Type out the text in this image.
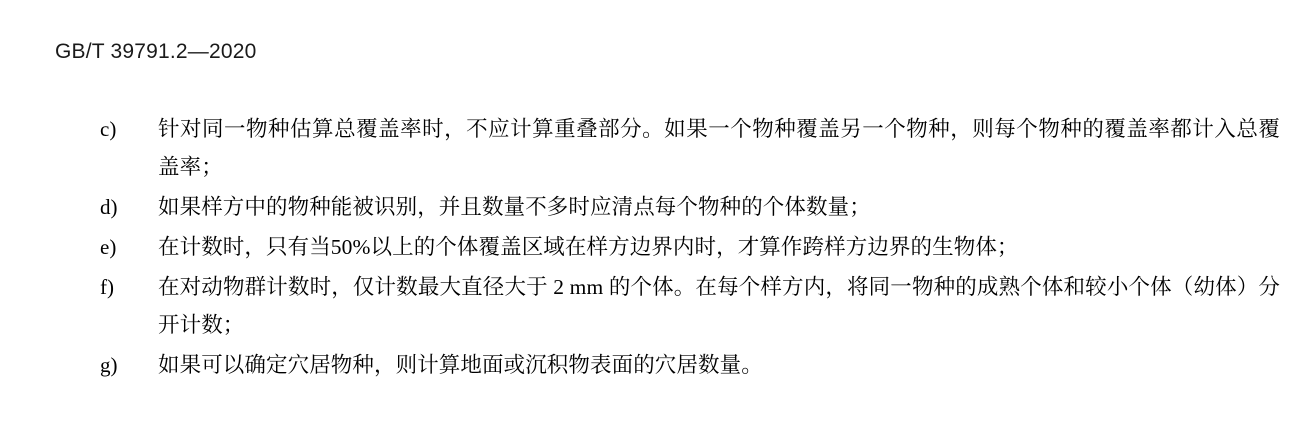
GB/T 39791.2—2020
c)	针对同一物种估算总覆盖率时，不应计算重叠部分。如果一个物种覆盖另一个物种，则每个物种的覆盖率都计入总覆盖率；
d)	如果样方中的物种能被识别，并且数量不多时应清点每个物种的个体数量；
e)	在计数时，只有当50%以上的个体覆盖区域在样方边界内时，才算作跨样方边界的生物体；
f)	在对动物群计数时，仅计数最大直径大于 2 mm 的个体。在每个样方内，将同一物种的成熟个体和较小个体（幼体）分开计数；
g)	如果可以确定穴居物种，则计算地面或沉积物表面的穴居数量。
